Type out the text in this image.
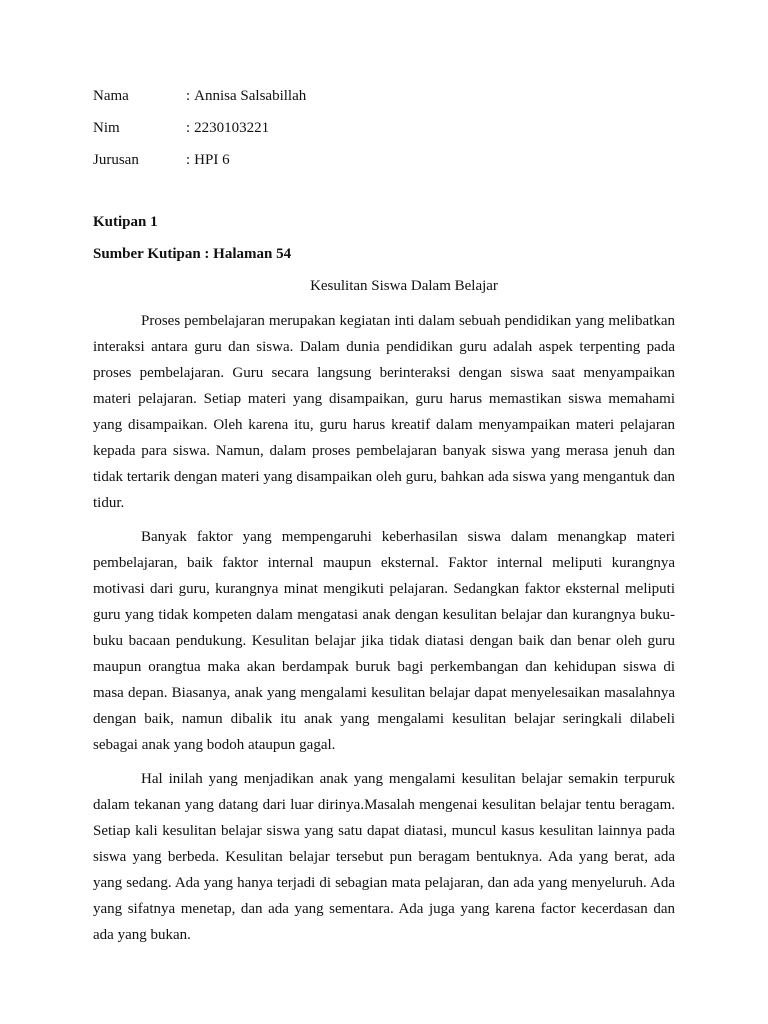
Nama	: Annisa Salsabillah
Nim	: 2230103221
Jurusan	: HPI 6
Kutipan 1
Sumber Kutipan : Halaman 54
Kesulitan Siswa Dalam Belajar

Proses pembelajaran merupakan kegiatan inti dalam sebuah pendidikan yang melibatkan interaksi antara guru dan siswa. Dalam dunia pendidikan guru adalah aspek terpenting pada proses pembelajaran. Guru secara langsung berinteraksi dengan siswa saat menyampaikan materi pelajaran. Setiap materi yang disampaikan, guru harus memastikan siswa memahami yang disampaikan. Oleh karena itu, guru harus kreatif dalam menyampaikan materi pelajaran kepada para siswa. Namun, dalam proses pembelajaran banyak siswa yang merasa jenuh dan tidak tertarik dengan materi yang disampaikan oleh guru, bahkan ada siswa yang mengantuk dan tidur.

Banyak faktor yang mempengaruhi keberhasilan siswa dalam menangkap materi pembelajaran, baik faktor internal maupun eksternal. Faktor internal meliputi kurangnya motivasi dari guru, kurangnya minat mengikuti pelajaran. Sedangkan faktor eksternal meliputi guru yang tidak kompeten dalam mengatasi anak dengan kesulitan belajar dan kurangnya buku-buku bacaan pendukung. Kesulitan belajar jika tidak diatasi dengan baik dan benar oleh guru maupun orangtua maka akan berdampak buruk bagi perkembangan dan kehidupan siswa di masa depan. Biasanya, anak yang mengalami kesulitan belajar dapat menyelesaikan masalahnya dengan baik, namun dibalik itu anak yang mengalami kesulitan belajar seringkali dilabeli sebagai anak yang bodoh ataupun gagal.

Hal inilah yang menjadikan anak yang mengalami kesulitan belajar semakin terpuruk dalam tekanan yang datang dari luar dirinya.Masalah mengenai kesulitan belajar tentu beragam. Setiap kali kesulitan belajar siswa yang satu dapat diatasi, muncul kasus kesulitan lainnya pada siswa yang berbeda. Kesulitan belajar tersebut pun beragam bentuknya. Ada yang berat, ada yang sedang. Ada yang hanya terjadi di sebagian mata pelajaran, dan ada yang menyeluruh. Ada yang sifatnya menetap, dan ada yang sementara. Ada juga yang karena factor kecerdasan dan ada yang bukan.
